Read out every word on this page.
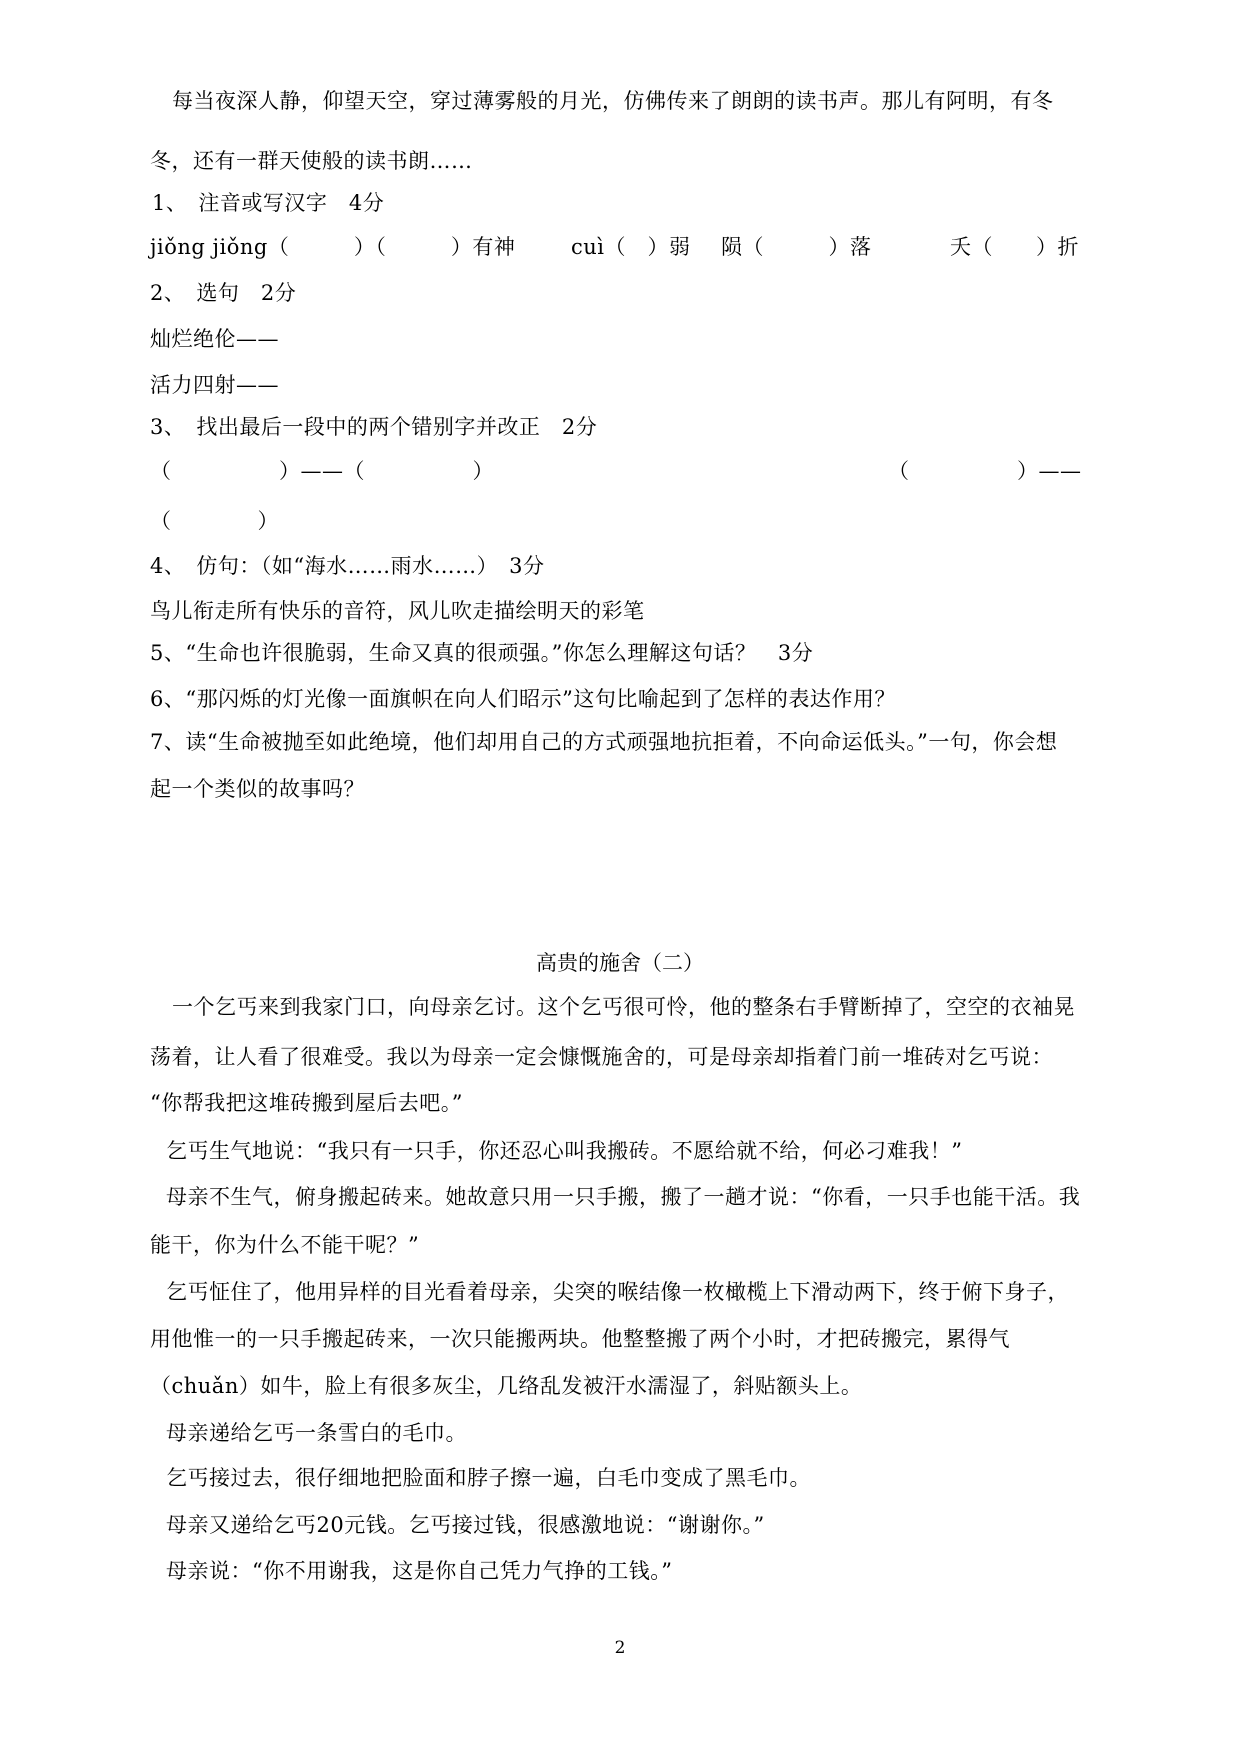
每当夜深人静，仰望天空，穿过薄雾般的月光，仿佛传来了朗朗的读书声。那儿有阿明，有冬
冬，还有一群天使般的读书朗……
1、　注音或写汉字　4分
jiǒng jiǒng（　　　）（　　　）有神	cuì（　）弱 陨（　　　）落	夭（　　）折
2、　选句　2分
灿烂绝伦——
活力四射——
3、　找出最后一段中的两个错别字并改正　2分
（　　　　　）——（　　　　　）	（　　　　　）——
（　　　　）
4、　仿句：（如“海水……雨水……）　3分
鸟儿衔走所有快乐的音符，风儿吹走描绘明天的彩笔
5、“生命也许很脆弱，生命又真的很顽强。”你怎么理解这句话？　3分
6、“那闪烁的灯光像一面旗帜在向人们昭示”这句比喻起到了怎样的表达作用？
7、读“生命被抛至如此绝境，他们却用自己的方式顽强地抗拒着，不向命运低头。”一句，你会想
起一个类似的故事吗？
高贵的施舍（二）
一个乞丐来到我家门口，向母亲乞讨。这个乞丐很可怜，他的整条右手臂断掉了，空空的衣袖晃
荡着，让人看了很难受。我以为母亲一定会慷慨施舍的，可是母亲却指着门前一堆砖对乞丐说：
“你帮我把这堆砖搬到屋后去吧。”
乞丐生气地说：“我只有一只手，你还忍心叫我搬砖。不愿给就不给，何必刁难我！”
母亲不生气，俯身搬起砖来。她故意只用一只手搬，搬了一趟才说：“你看，一只手也能干活。我
能干，你为什么不能干呢？”
乞丐怔住了，他用异样的目光看着母亲，尖突的喉结像一枚橄榄上下滑动两下，终于俯下身子，
用他惟一的一只手搬起砖来，一次只能搬两块。他整整搬了两个小时，才把砖搬完，累得气
（chuǎn）如牛，脸上有很多灰尘，几络乱发被汗水濡湿了，斜贴额头上。
母亲递给乞丐一条雪白的毛巾。
乞丐接过去，很仔细地把脸面和脖子擦一遍，白毛巾变成了黑毛巾。
母亲又递给乞丐20元钱。乞丐接过钱，很感激地说：“谢谢你。”
母亲说：“你不用谢我，这是你自己凭力气挣的工钱。”
2
